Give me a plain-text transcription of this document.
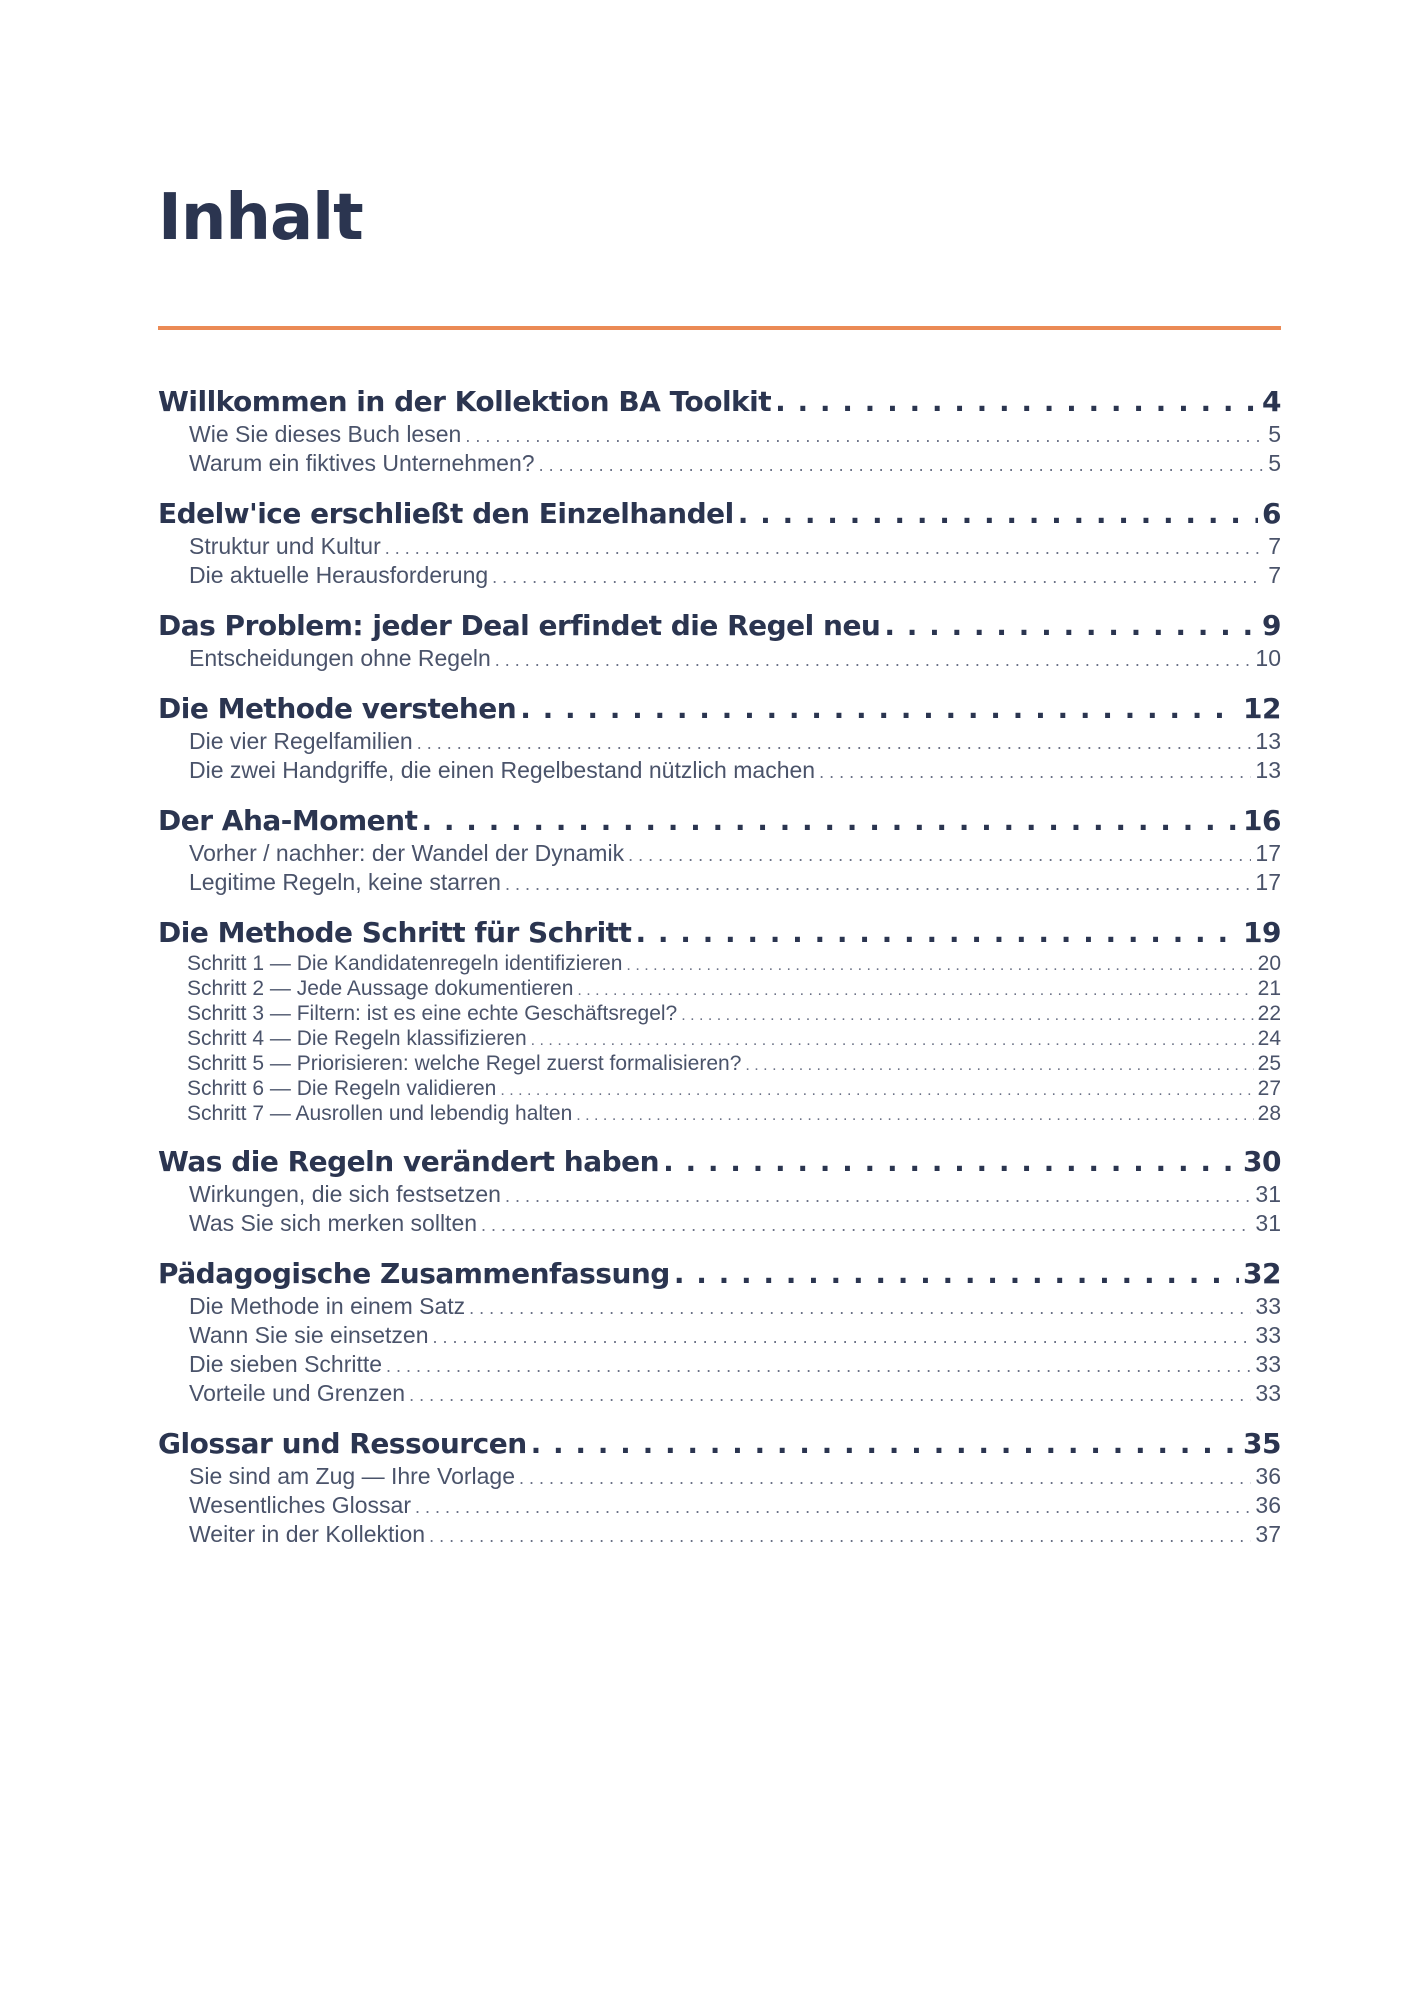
Inhalt
Willkommen in der Kollektion BA Toolkit . . .	4
Wie Sie dieses Buch lesen . . .	5
Warum ein fiktives Unternehmen? . . .	5
Edelw'ice erschließt den Einzelhandel . . .	6
Struktur und Kultur . . .	7
Die aktuelle Herausforderung . . .	7
Das Problem: jeder Deal erfindet die Regel neu . . .	9
Entscheidungen ohne Regeln . . .	10
Die Methode verstehen . . .	12
Die vier Regelfamilien . . .	13
Die zwei Handgriffe, die einen Regelbestand nützlich machen . . .	13
Der Aha-Moment . . .	16
Vorher / nachher: der Wandel der Dynamik . . .	17
Legitime Regeln, keine starren . . .	17
Die Methode Schritt für Schritt . . .	19
Schritt 1 — Die Kandidatenregeln identifizieren . . .	20
Schritt 2 — Jede Aussage dokumentieren . . .	21
Schritt 3 — Filtern: ist es eine echte Geschäftsregel? . . .	22
Schritt 4 — Die Regeln klassifizieren . . .	24
Schritt 5 — Priorisieren: welche Regel zuerst formalisieren? . . .	25
Schritt 6 — Die Regeln validieren . . .	27
Schritt 7 — Ausrollen und lebendig halten . . .	28
Was die Regeln verändert haben . . .	30
Wirkungen, die sich festsetzen . . .	31
Was Sie sich merken sollten . . .	31
Pädagogische Zusammenfassung . . .	32
Die Methode in einem Satz . . .	33
Wann Sie sie einsetzen . . .	33
Die sieben Schritte . . .	33
Vorteile und Grenzen . . .	33
Glossar und Ressourcen . . .	35
Sie sind am Zug — Ihre Vorlage . . .	36
Wesentliches Glossar . . .	36
Weiter in der Kollektion . . .	37
